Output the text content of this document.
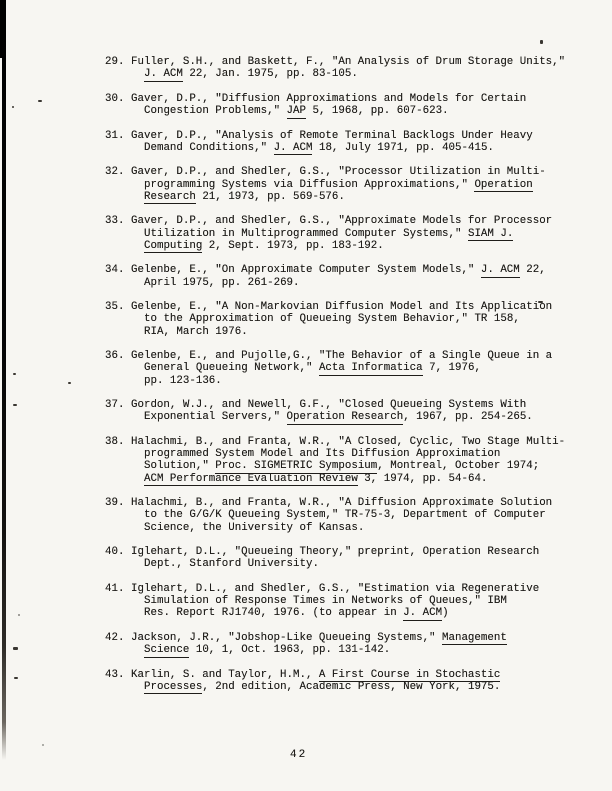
29. Fuller, S.H., and Baskett, F., "An Analysis of Drum Storage Units,"
J. ACM 22, Jan. 1975, pp. 83-105.
30. Gaver, D.P., "Diffusion Approximations and Models for Certain
Congestion Problems," JAP 5, 1968, pp. 607-623.
31. Gaver, D.P., "Analysis of Remote Terminal Backlogs Under Heavy
Demand Conditions," J. ACM 18, July 1971, pp. 405-415.
32. Gaver, D.P., and Shedler, G.S., "Processor Utilization in Multi-
programming Systems via Diffusion Approximations," Operation
Research 21, 1973, pp. 569-576.
33. Gaver, D.P., and Shedler, G.S., "Approximate Models for Processor
Utilization in Multiprogrammed Computer Systems," SIAM J.
Computing 2, Sept. 1973, pp. 183-192.
34. Gelenbe, E., "On Approximate Computer System Models," J. ACM 22,
April 1975, pp. 261-269.
35. Gelenbe, E., "A Non-Markovian Diffusion Model and Its Application
to the Approximation of Queueing System Behavior," TR 158,
RIA, March 1976.
36. Gelenbe, E., and Pujolle,G., "The Behavior of a Single Queue in a
General Queueing Network," Acta Informatica 7, 1976,
pp. 123-136.
37. Gordon, W.J., and Newell, G.F., "Closed Queueing Systems With
Exponential Servers," Operation Research, 1967, pp. 254-265.
38. Halachmi, B., and Franta, W.R., "A Closed, Cyclic, Two Stage Multi-
programmed System Model and Its Diffusion Approximation
Solution," Proc. SIGMETRIC Symposium, Montreal, October 1974;
ACM Performance Evaluation Review 3, 1974, pp. 54-64.
39. Halachmi, B., and Franta, W.R., "A Diffusion Approximate Solution
to the G/G/K Queueing System," TR-75-3, Department of Computer
Science, the University of Kansas.
40. Iglehart, D.L., "Queueing Theory," preprint, Operation Research
Dept., Stanford University.
41. Iglehart, D.L., and Shedler, G.S., "Estimation via Regenerative
Simulation of Response Times in Networks of Queues," IBM
Res. Report RJ1740, 1976. (to appear in J. ACM)
42. Jackson, J.R., "Jobshop-Like Queueing Systems," Management
Science 10, 1, Oct. 1963, pp. 131-142.
43. Karlin, S. and Taylor, H.M., A First Course in Stochastic
Processes, 2nd edition, Academic Press, New York, 1975.
42
